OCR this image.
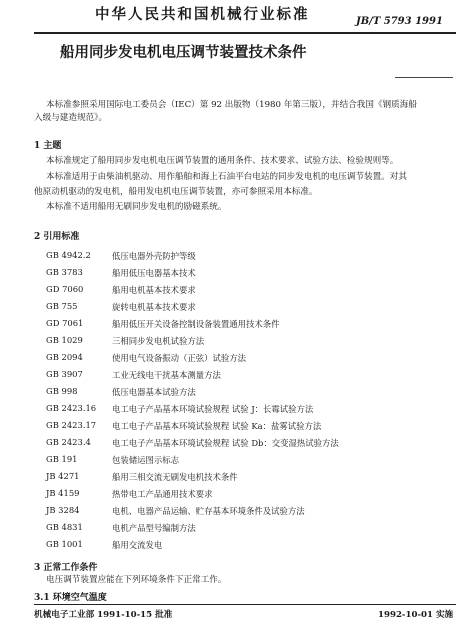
中华人民共和国机械行业标准	JB/T 5793 1991
船用同步发电机电压调节装置技术条件
本标准参照采用国际电工委员会（IEC）第 92 出版物（1980 年第三版），并结合我国《钢质海船
入级与建造规范》。
1 主题
本标准规定了船用同步发电机电压调节装置的通用条件、技术要求、试验方法、检验规则等。
本标准适用于由柴油机驱动、用作船舶和海上石油平台电站的同步发电机的电压调节装置。对其
他原动机驱动的发电机，船用发电机电压调节装置，亦可参照采用本标准。
本标准不适用船用无刷同步发电机的励磁系统。
2 引用标准
GB 4942.2	低压电器外壳防护等级
GB 3783	船用低压电器基本技术
GD 7060	船用电机基本技术要求
GB 755	旋转电机基本技术要求
GD 7061	船用低压开关设备控制设备装置通用技术条件
GB 1029	三相同步发电机试验方法
GB 2094	使用电气设备振动（正弦）试验方法
GB 3907	工业无线电干扰基本测量方法
GB 998	低压电器基本试验方法
GB 2423.16 电工电子产品基本环境试验规程 试验 J：长霉试验方法
GB 2423.17 电工电子产品基本环境试验规程 试验 Ka：盐雾试验方法
GB 2423.4	电工电子产品基本环境试验规程 试验 Db：交变湿热试验方法
GB 191	包装储运图示标志
JB 4271	船用三相交流无刷发电机技术条件
JB 4159	热带电工产品通用技术要求
JB 3284	电机、电器产品运输、贮存基本环境条件及试验方法
GB 4831	电机产品型号编制方法
GB 1001	船用交流发电
3 正常工作条件
电压调节装置应能在下列环境条件下正常工作。
3.1 环境空气温度
机械电子工业部 1991-10-15 批准	1992-10-01 实施
